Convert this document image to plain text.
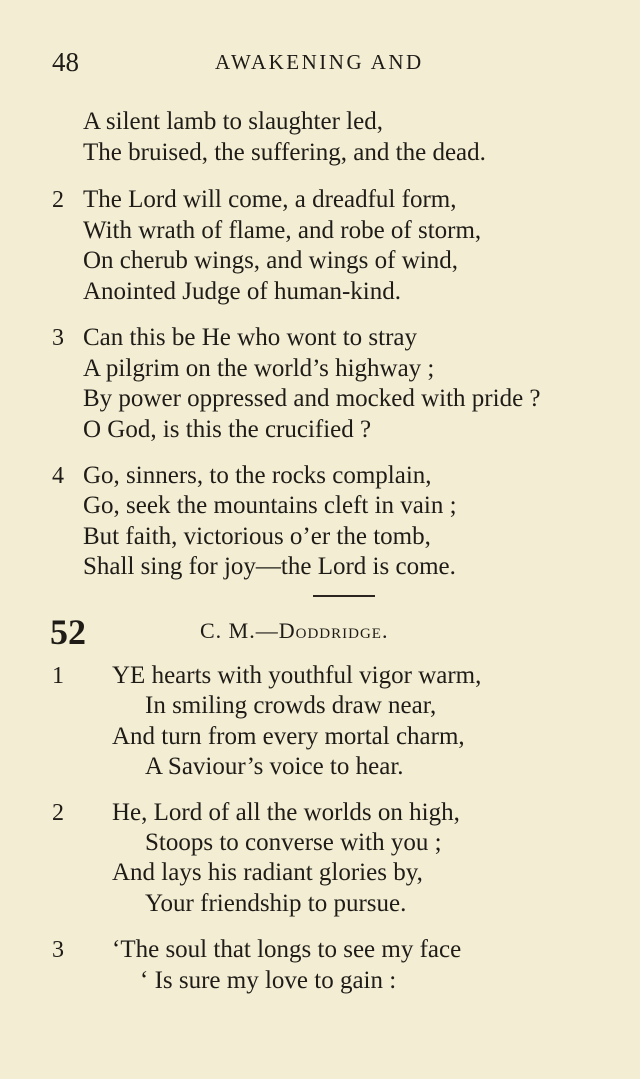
48	AWAKENING AND
A silent lamb to slaughter led,
The bruised, the suffering, and the dead.
2 The Lord will come, a dreadful form,
With wrath of flame, and robe of storm,
On cherub wings, and wings of wind,
Anointed Judge of human-kind.
3 Can this be He who wont to stray
A pilgrim on the world’s highway ;
By power oppressed and mocked with pride ?
O God, is this the crucified ?
4 Go, sinners, to the rocks complain,
Go, seek the mountains cleft in vain ;
But faith, victorious o’er the tomb,
Shall sing for joy—the Lord is come.
52	C. M.—Doddridge.
1 YE hearts with youthful vigor warm,
In smiling crowds draw near,
And turn from every mortal charm,
A Saviour’s voice to hear.
2 He, Lord of all the worlds on high,
Stoops to converse with you ;
And lays his radiant glories by,
Your friendship to pursue.
3 ‘The soul that longs to see my face
‘ Is sure my love to gain :
